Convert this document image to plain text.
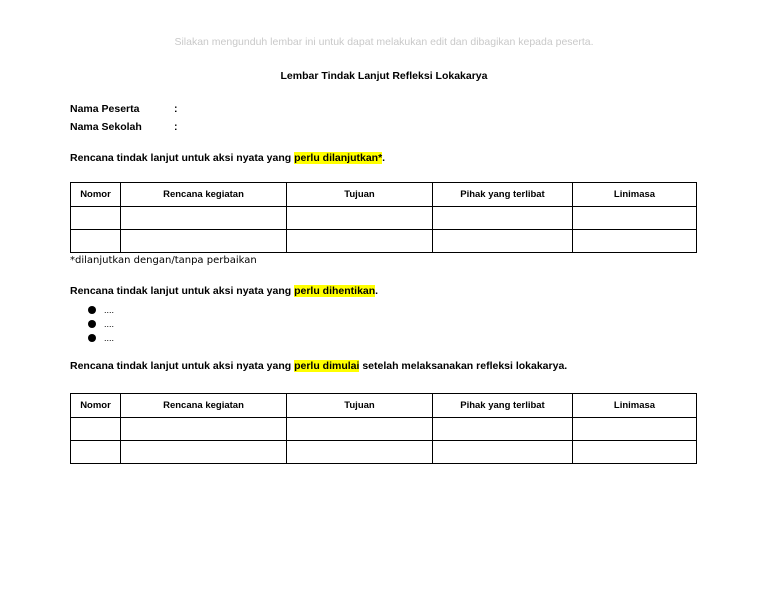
Silakan mengunduh lembar ini untuk dapat melakukan edit dan dibagikan kepada peserta.
Lembar Tindak Lanjut Refleksi Lokakarya
Nama Peserta	:
Nama Sekolah	:
Rencana tindak lanjut untuk aksi nyata yang perlu dilanjutkan*.
Nomor	Rencana kegiatan	Tujuan	Pihak yang terlibat	Linimasa

*dilanjutkan dengan/tanpa perbaikan
Rencana tindak lanjut untuk aksi nyata yang perlu dihentikan.
....
....
....
Rencana tindak lanjut untuk aksi nyata yang perlu dimulai setelah melaksanakan refleksi lokakarya.
Nomor	Rencana kegiatan	Tujuan	Pihak yang terlibat	Linimasa
